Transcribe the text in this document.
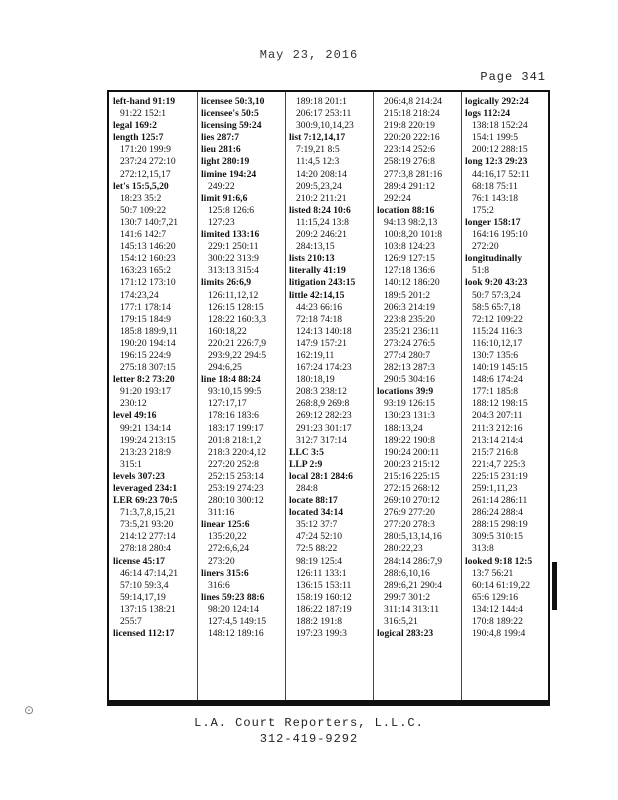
May 23, 2016
Page 341
left-hand 91:19
91:22 152:1
legal 169:2
length 125:7
171:20 199:9
237:24 272:10
272:12,15,17
let's 15:5,5,20
18:23 35:2
50:7 109:22
130:7 140:7,21
141:6 142:7
145:13 146:20
154:12 160:23
163:23 165:2
171:12 173:10
174:23,24
177:1 178:14
179:15 184:9
185:8 189:9,11
190:20 194:14
196:15 224:9
275:18 307:15
letter 8:2 73:20
91:20 193:17
230:12
level 49:16
99:21 134:14
199:24 213:15
213:23 218:9
315:1
levels 307:23
leveraged 234:1
LER 69:23 70:5
71:3,7,8,15,21
73:5,21 93:20
214:12 277:14
278:18 280:4
license 45:17
46:14 47:14,21
57:10 59:3,4
59:14,17,19
137:15 138:21
255:7
licensed 112:17
licensee 50:3,10
licensee's 50:5
licensing 59:24
lies 287:7
lieu 281:6
light 280:19
limine 194:24
249:22
limit 91:6,6
125:8 126:6
127:23
limited 133:16
229:1 250:11
300:22 313:9
313:13 315:4
limits 26:6,9
126:11,12,12
126:15 128:15
128:22 160:3,3
160:18,22
220:21 226:7,9
293:9,22 294:5
294:6,25
line 18:4 88:24
93:10,15 99:5
127:17,17
178:16 183:6
183:17 199:17
201:8 218:1,2
218:3 220:4,12
227:20 252:8
252:15 253:14
253:19 274:23
280:10 300:12
311:16
linear 125:6
135:20,22
272:6,6,24
273:20
liners 315:6
316:6
lines 59:23 88:6
98:20 124:14
127:4,5 149:15
148:12 189:16
189:18 201:1
206:17 253:11
300:9,10,14,23
list 7:12,14,17
7:19,21 8:5
11:4,5 12:3
14:20 208:14
209:5,23,24
210:2 211:21
listed 8:24 10:6
11:15,24 13:8
209:2 246:21
284:13,15
lists 210:13
literally 41:19
litigation 243:15
little 42:14,15
44:23 66:16
72:18 74:18
124:13 140:18
147:9 157:21
162:19,11
167:24 174:23
180:18,19
208:3 238:12
268:8,9 269:8
269:12 282:23
291:23 301:17
312:7 317:14
LLC 3:5
LLP 2:9
local 28:1 284:6
284:8
locate 88:17
located 34:14
35:12 37:7
47:24 52:10
72:5 88:22
98:19 125:4
126:11 133:1
136:15 153:11
158:19 160:12
186:22 187:19
188:2 191:8
197:23 199:3
206:4,8 214:24
215:18 218:24
219:8 220:19
220:20 222:16
223:14 252:6
258:19 276:8
277:3,8 281:16
289:4 291:12
292:24
location 88:16
94:13 98:2,13
100:8,20 101:8
103:8 124:23
126:9 127:15
127:18 136:6
140:12 186:20
189:5 201:2
206:3 214:19
223:8 235:20
235:21 236:11
273:24 276:5
277:4 280:7
282:13 287:3
290:5 304:16
locations 39:9
93:19 126:15
130:23 131:3
188:13,24
189:22 190:8
190:24 200:11
200:23 215:12
215:16 225:15
272:15 268:12
269:10 270:12
276:9 277:20
277:20 278:3
280:5,13,14,16
280:22,23
284:14 286:7,9
288:6,10,16
289:6,21 290:4
299:7 301:2
311:14 313:11
316:5,21
logical 283:23
logically 292:24
logs 112:24
138:18 152:24
154:1 199:5
200:12 288:15
long 12:3 29:23
44:16,17 52:11
68:18 75:11
76:1 143:18
175:2
longer 158:17
164:16 195:10
272:20
longitudinally
51:8
look 9:20 43:23
50:7 57:3,24
58:5 65:7,18
72:12 109:22
115:24 116:3
116:10,12,17
130:7 135:6
140:19 145:15
148:6 174:24
177:1 185:8
188:12 198:15
204:3 207:11
211:3 212:16
213:14 214:4
215:7 216:8
221:4,7 225:3
225:15 231:19
259:1,11,23
261:14 286:11
286:24 288:4
288:15 298:19
309:5 310:15
313:8
looked 9:18 12:5
13:7 56:21
60:14 61:19,22
65:6 129:16
134:12 144:4
170:8 189:22
190:4,8 199:4
⊙
L.A. Court Reporters, L.L.C.
312-419-9292
